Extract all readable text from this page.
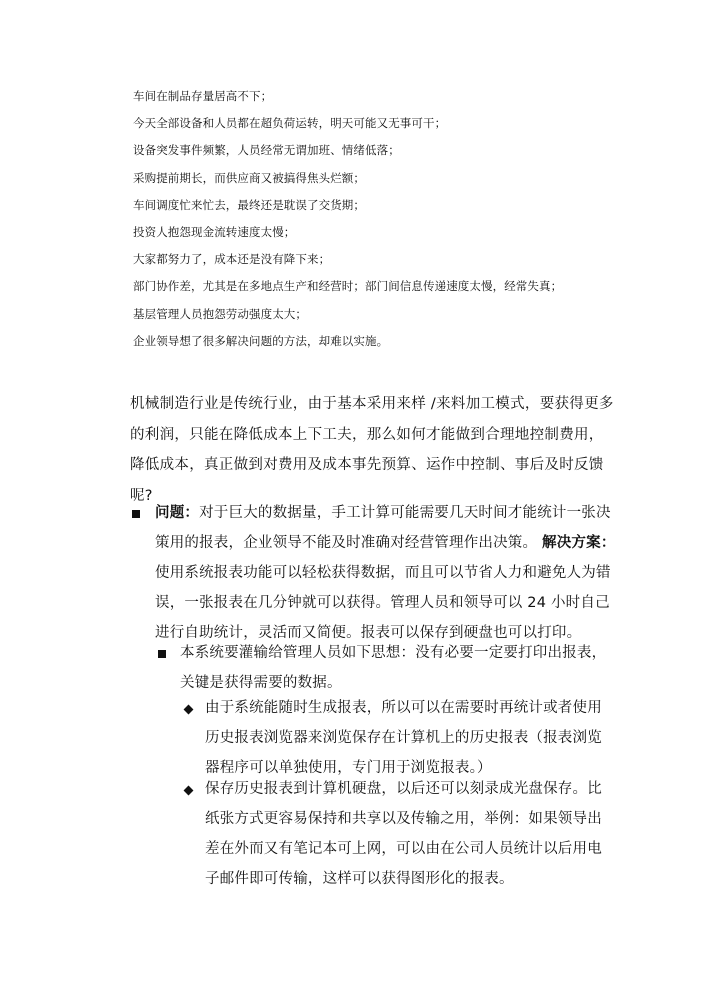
车间在制品存量居高不下；
今天全部设备和人员都在超负荷运转，明天可能又无事可干；
设备突发事件频繁，人员经常无谓加班、情绪低落；
采购提前期长，而供应商又被搞得焦头烂额；
车间调度忙来忙去，最终还是耽误了交货期；
投资人抱怨现金流转速度太慢；
大家都努力了，成本还是没有降下来；
部门协作差，尤其是在多地点生产和经营时；部门间信息传递速度太慢，经常失真；
基层管理人员抱怨劳动强度太大；
企业领导想了很多解决问题的方法，却难以实施。

机械制造行业是传统行业，由于基本采用来样 /来料加工模式，要获得更多
的利润，只能在降低成本上下工夫，那么如何才能做到合理地控制费用，
降低成本，真正做到对费用及成本事先预算、运作中控制、事后及时反馈
呢?

问题：对于巨大的数据量，手工计算可能需要几天时间才能统计一张决
策用的报表，企业领导不能及时准确对经营管理作出决策。 解决方案：
使用系统报表功能可以轻松获得数据，而且可以节省人力和避免人为错
误，一张报表在几分钟就可以获得。管理人员和领导可以 24 小时自己
进行自助统计，灵活而又简便。报表可以保存到硬盘也可以打印。
本系统要灌输给管理人员如下思想：没有必要一定要打印出报表，
关键是获得需要的数据。
由于系统能随时生成报表，所以可以在需要时再统计或者使用
历史报表浏览器来浏览保存在计算机上的历史报表（报表浏览
器程序可以单独使用，专门用于浏览报表。）
保存历史报表到计算机硬盘，以后还可以刻录成光盘保存。比
纸张方式更容易保持和共享以及传输之用，举例：如果领导出
差在外而又有笔记本可上网，可以由在公司人员统计以后用电
子邮件即可传输，这样可以获得图形化的报表。
